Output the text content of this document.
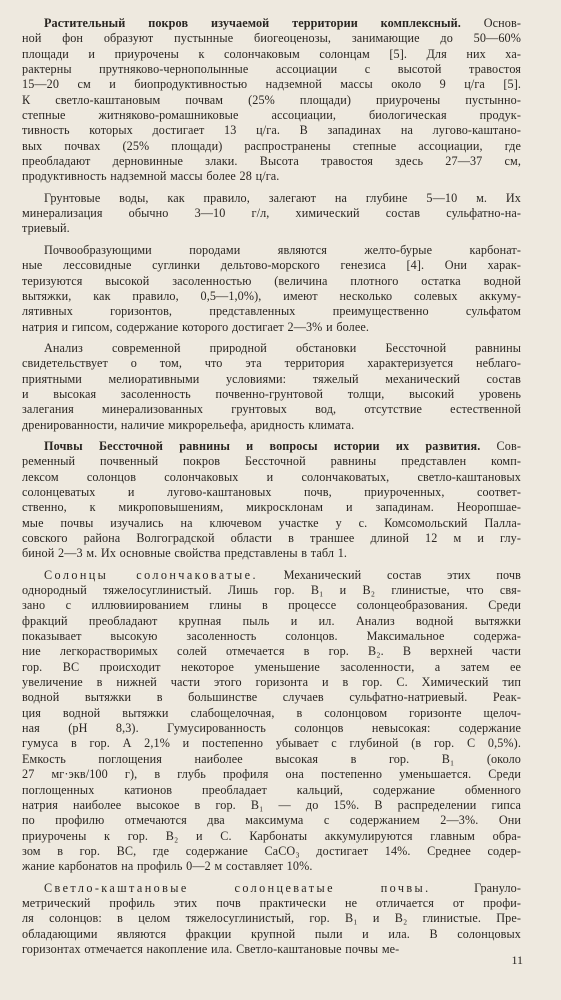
Растительный покров изучаемой территории комплексный. Основ-
ной фон образуют пустынные биогеоценозы, занимающие до 50—60%
площади и приурочены к солончаковым солонцам [5]. Для них ха-
рактерны прутняково-чернополынные ассоциации с высотой травостоя
15—20 см и биопродуктивностью надземной массы около 9 ц/га [5].
К светло-каштановым почвам (25% площади) приурочены пустынно-
степные житняково-ромашниковые ассоциации, биологическая продук-
тивность которых достигает 13 ц/га. В западинах на лугово-каштано-
вых почвах (25% площади) распространены степные ассоциации, где
преобладают дерновинные злаки. Высота травостоя здесь 27—37 см,
продуктивность надземной массы более 28 ц/га.
Грунтовые воды, как правило, залегают на глубине 5—10 м. Их
минерализация обычно 3—10 г/л, химический состав сульфатно-на-
триевый.
Почвообразующими породами являются желто-бурые карбонат-
ные лессовидные суглинки дельтово-морского генезиса [4]. Они харак-
теризуются высокой засоленностью (величина плотного остатка водной
вытяжки, как правило, 0,5—1,0%), имеют несколько солевых аккуму-
лятивных горизонтов, представленных преимущественно сульфатом
натрия и гипсом, содержание которого достигает 2—3% и более.
Анализ современной природной обстановки Бессточной равнины
свидетельствует о том, что эта территория характеризуется неблаго-
приятными мелиоративными условиями: тяжелый механический состав
и высокая засоленность почвенно-грунтовой толщи, высокий уровень
залегания минерализованных грунтовых вод, отсутствие естественной
дренированности, наличие микрорельефа, аридность климата.
Почвы Бессточной равнины и вопросы истории их развития. Сов-
ременный почвенный покров Бессточной равнины представлен комп-
лексом солонцов солончаковых и солончаковатых, светло-каштановых
солонцеватых и лугово-каштановых почв, приуроченных, соответ-
ственно, к микроповышениям, микросклонам и западинам. Неоропшае-
мые почвы изучались на ключевом участке у с. Комсомольский Палла-
совского района Волгоградской области в траншее длиной 12 м и глу-
биной 2—3 м. Их основные свойства представлены в табл 1.
Солонцы солончаковатые. Механический состав этих почв
однородный тяжелосуглинистый. Лишь гор. B₁ и B₂ глинистые, что свя-
зано с иллювиированием глины в процессе солонцеобразования. Среди
фракций преобладают крупная пыль и ил. Анализ водной вытяжки
показывает высокую засоленность солонцов. Максимальное содержа-
ние легкорастворимых солей отмечается в гор. B₂. В верхней части
гор. ВС происходит некоторое уменьшение засоленности, а затем ее
увеличение в нижней части этого горизонта и в гор. С. Химический тип
водной вытяжки в большинстве случаев сульфатно-натриевый. Реак-
ция водной вытяжки слабощелочная, в солонцовом горизонте щелоч-
ная (рН 8,3). Гумусированность солонцов невысокая: содержание
гумуса в гор. А 2,1% и постепенно убывает с глубиной (в гор. С 0,5%).
Емкость поглощения наиболее высокая в гор. B₁ (около
27 мг·экв/100 г), в глубь профиля она постепенно уменьшается. Среди
поглощенных катионов преобладает кальций, содержание обменного
натрия наиболее высокое в гор. B₁ — до 15%. В распределении гипса
по профилю отмечаются два максимума с содержанием 2—3%. Они
приурочены к гор. B₂ и С. Карбонаты аккумулируются главным обра-
зом в гор. ВС, где содержание CaCO₃ достигает 14%. Среднее содер-
жание карбонатов на профиль 0—2 м составляет 10%.
Светло-каштановые солонцеватые почвы. Гранулo-
метрический профиль этих почв практически не отличается от профи-
ля солонцов: в целом тяжелосуглинистый, гор. B₁ и B₂ глинистые. Пре-
обладающими являются фракции крупной пыли и ила. В солонцовых
горизонтах отмечается накопление ила. Светло-каштановые почвы ме-
11
